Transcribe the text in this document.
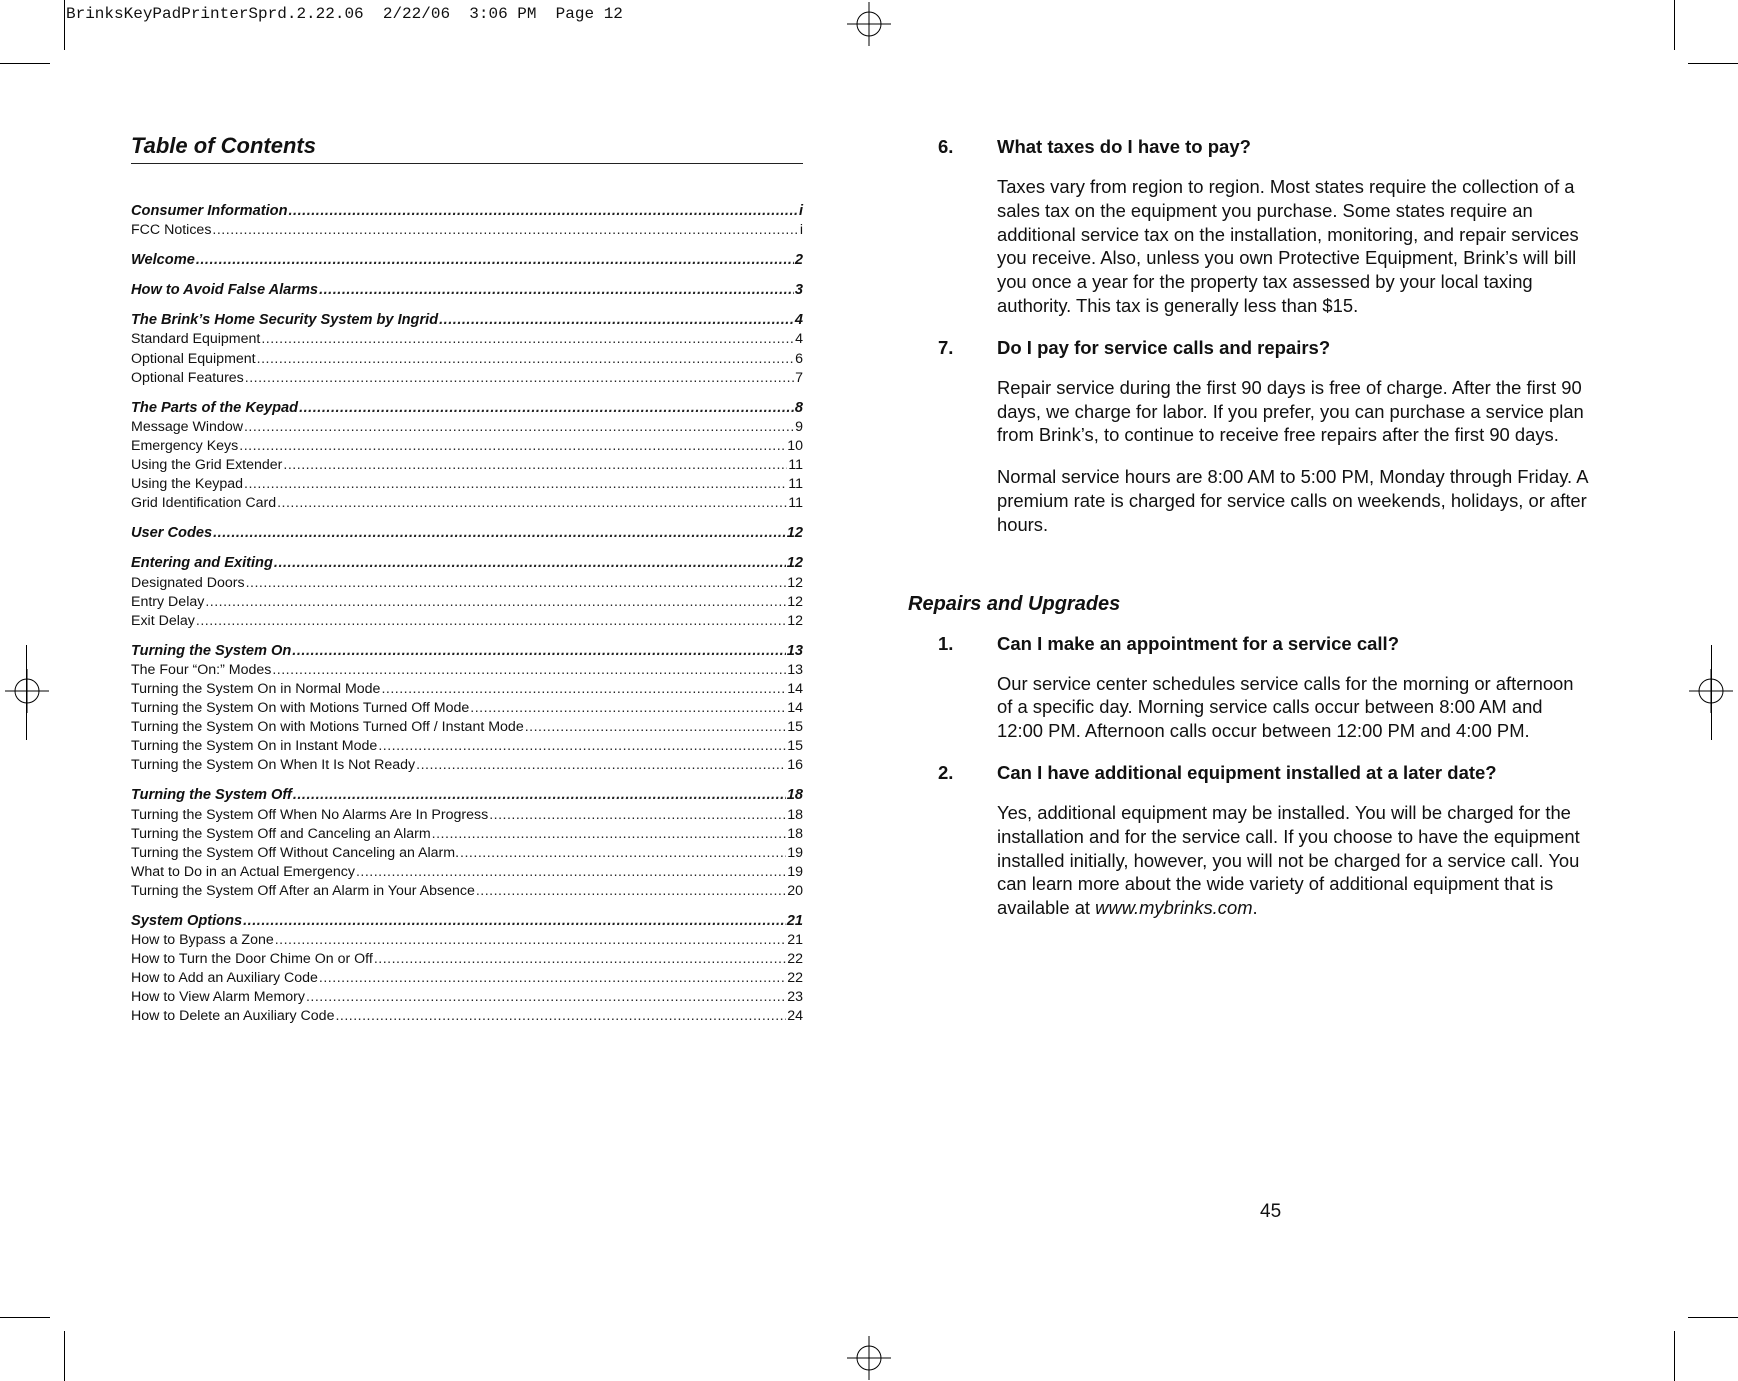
BrinksKeyPadPrinterSprd.2.22.06  2/22/06  3:06 PM  Page 12
Table of Contents
Consumer Information .....	i
FCC Notices .....	i
Welcome .....	2
How to Avoid False Alarms .....	3
The Brink’s Home Security System by Ingrid .....	4
Standard Equipment .....	4
Optional Equipment .....	6
Optional Features .....	7
The Parts of the Keypad .....	8
Message Window .....	9
Emergency Keys .....	10
Using the Grid Extender .....	11
Using the Keypad .....	11
Grid Identification Card .....	11
User Codes .....	12
Entering and Exiting .....	12
Designated Doors .....	12
Entry Delay .....	12
Exit Delay .....	12
Turning the System On .....	13
The Four “On:” Modes .....	13
Turning the System On in Normal Mode .....	14
Turning the System On with Motions Turned Off Mode .....	14
Turning the System On with Motions Turned Off / Instant Mode .....	15
Turning the System On in Instant Mode .....	15
Turning the System On When It Is Not Ready .....	16
Turning the System Off .....	18
Turning the System Off When No Alarms Are In Progress .....	18
Turning the System Off and Canceling an Alarm .....	18
Turning the System Off Without Canceling an Alarm. .....	19
What to Do in an Actual Emergency .....	19
Turning the System Off After an Alarm in Your Absence .....	20
System Options .....	21
How to Bypass a Zone .....	21
How to Turn the Door Chime On or Off .....	22
How to Add an Auxiliary Code .....	22
How to View Alarm Memory .....	23
How to Delete an Auxiliary Code .....	24
6.	What taxes do I have to pay?
Taxes vary from region to region. Most states require the collection of a sales tax on the equipment you purchase. Some states require an additional service tax on the installation, monitoring, and repair services you receive. Also, unless you own Protective Equipment, Brink’s will bill you once a year for the property tax assessed by your local taxing authority. This tax is generally less than $15.
7.	Do I pay for service calls and repairs?
Repair service during the first 90 days is free of charge. After the first 90 days, we charge for labor. If you prefer, you can purchase a service plan from Brink’s, to continue to receive free repairs after the first 90 days.
Normal service hours are 8:00 AM to 5:00 PM, Monday through Friday. A premium rate is charged for service calls on weekends, holidays, or after hours.
Repairs and Upgrades
1.	Can I make an appointment for a service call?
Our service center schedules service calls for the morning or afternoon of a specific day. Morning service calls occur between 8:00 AM and 12:00 PM. Afternoon calls occur between 12:00 PM and 4:00 PM.
2.	Can I have additional equipment installed at a later date?
Yes, additional equipment may be installed. You will be charged for the installation and for the service call. If you choose to have the equipment installed initially, however, you will not be charged for a service call. You can learn more about the wide variety of additional equipment that is available at www.mybrinks.com.
45
